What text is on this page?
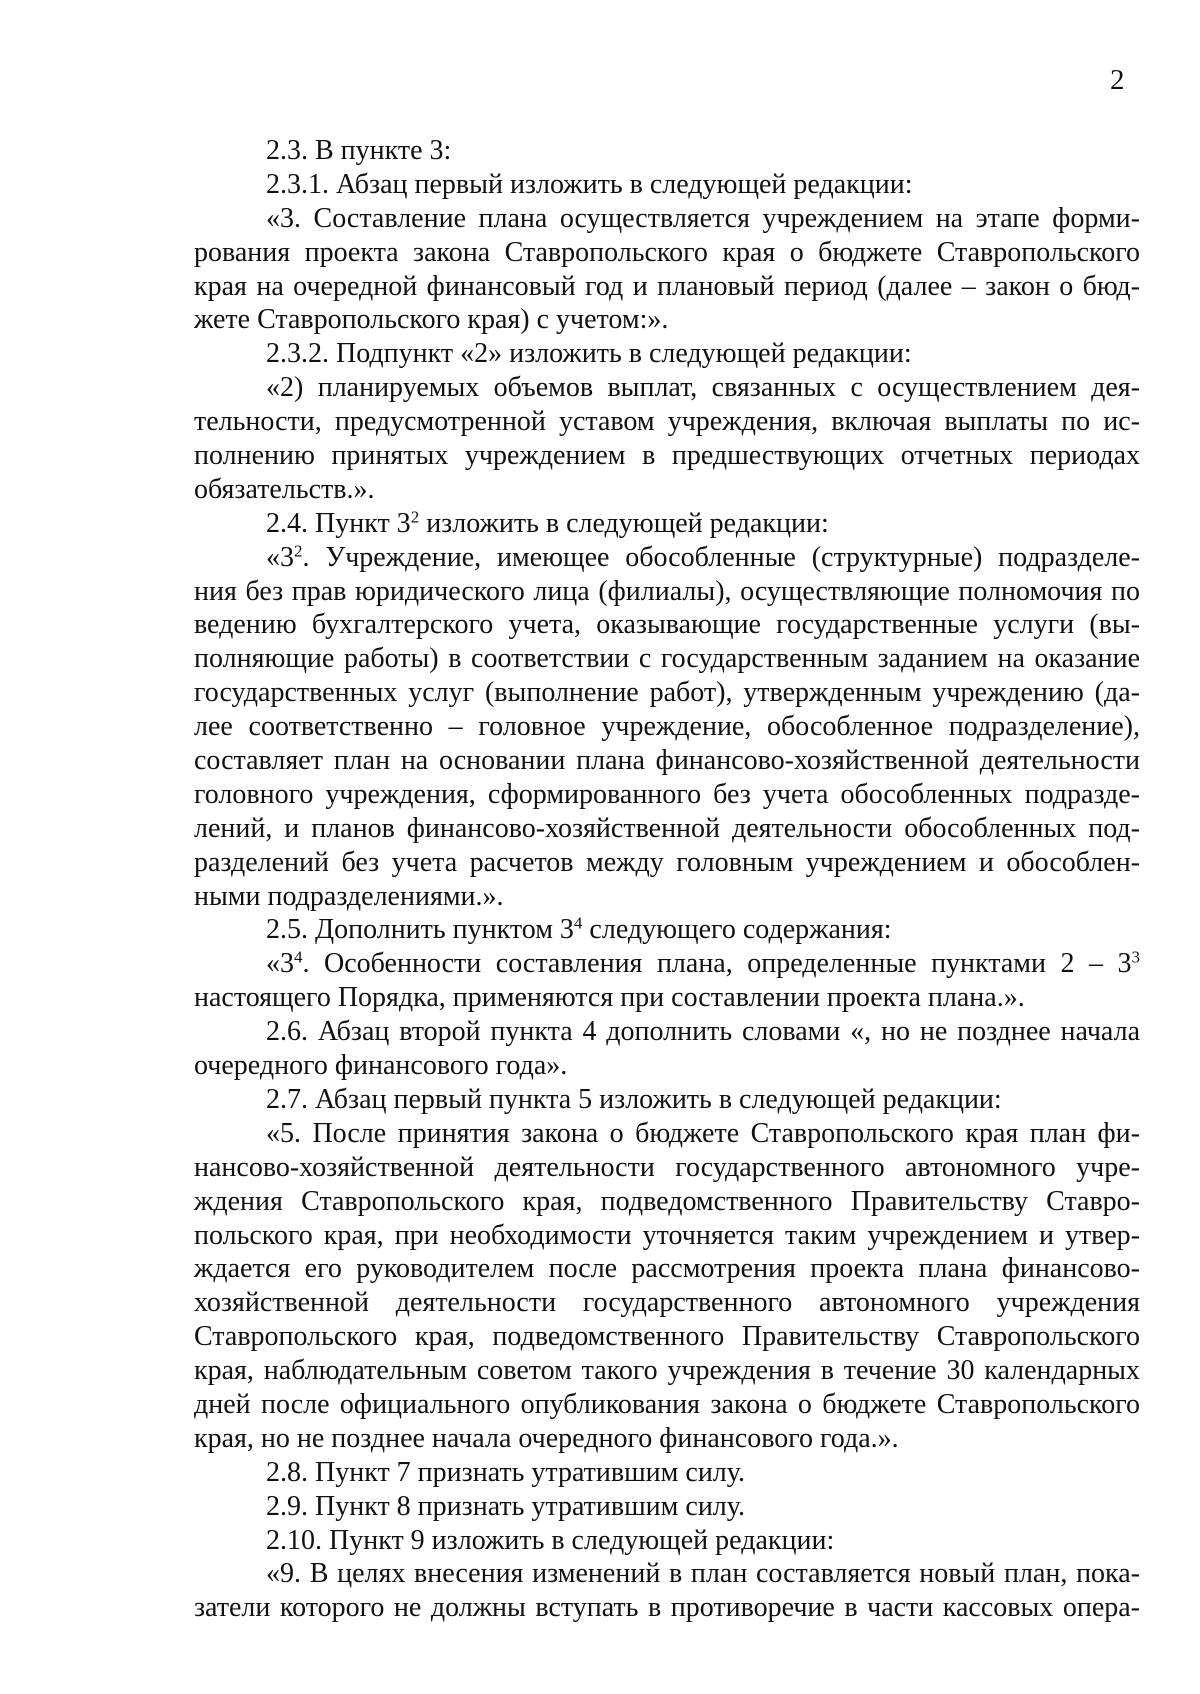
2
2.3. В пункте 3:
2.3.1. Абзац первый изложить в следующей редакции:
«3. Составление плана осуществляется учреждением на этапе форми-
рования проекта закона Ставропольского края о бюджете Ставропольского
края на очередной финансовый год и плановый период (далее – закон о бюд-
жете Ставропольского края) с учетом:».
2.3.2. Подпункт «2» изложить в следующей редакции:
«2) планируемых объемов выплат, связанных с осуществлением дея-
тельности, предусмотренной уставом учреждения, включая выплаты по ис-
полнению принятых учреждением в предшествующих отчетных периодах
обязательств.».
2.4. Пункт $3^2$ изложить в следующей редакции:
«$3^2$. Учреждение, имеющее обособленные (структурные) подразделе-
ния без прав юридического лица (филиалы), осуществляющие полномочия по
ведению бухгалтерского учета, оказывающие государственные услуги (вы-
полняющие работы) в соответствии с государственным заданием на оказание
государственных услуг (выполнение работ), утвержденным учреждению (да-
лее соответственно – головное учреждение, обособленное подразделение),
составляет план на основании плана финансово-хозяйственной деятельности
головного учреждения, сформированного без учета обособленных подразде-
лений, и планов финансово-хозяйственной деятельности обособленных под-
разделений без учета расчетов между головным учреждением и обособлен-
ными подразделениями.».
2.5. Дополнить пунктом $3^4$ следующего содержания:
«$3^4$. Особенности составления плана, определенные пунктами $2 - 3^3$
настоящего Порядка, применяются при составлении проекта плана.».
2.6. Абзац второй пункта 4 дополнить словами «, но не позднее начала
очередного финансового года».
2.7. Абзац первый пункта 5 изложить в следующей редакции:
«5. После принятия закона о бюджете Ставропольского края план фи-
нансово-хозяйственной деятельности государственного автономного учре-
ждения Ставропольского края, подведомственного Правительству Ставро-
польского края, при необходимости уточняется таким учреждением и утвер-
ждается его руководителем после рассмотрения проекта плана финансово-
хозяйственной деятельности государственного автономного учреждения
Ставропольского края, подведомственного Правительству Ставропольского
края, наблюдательным советом такого учреждения в течение 30 календарных
дней после официального опубликования закона о бюджете Ставропольского
края, но не позднее начала очередного финансового года.».
2.8. Пункт 7 признать утратившим силу.
2.9. Пункт 8 признать утратившим силу.
2.10. Пункт 9 изложить в следующей редакции:
«9. В целях внесения изменений в план составляется новый план, пока-
затели которого не должны вступать в противоречие в части кассовых опера-
